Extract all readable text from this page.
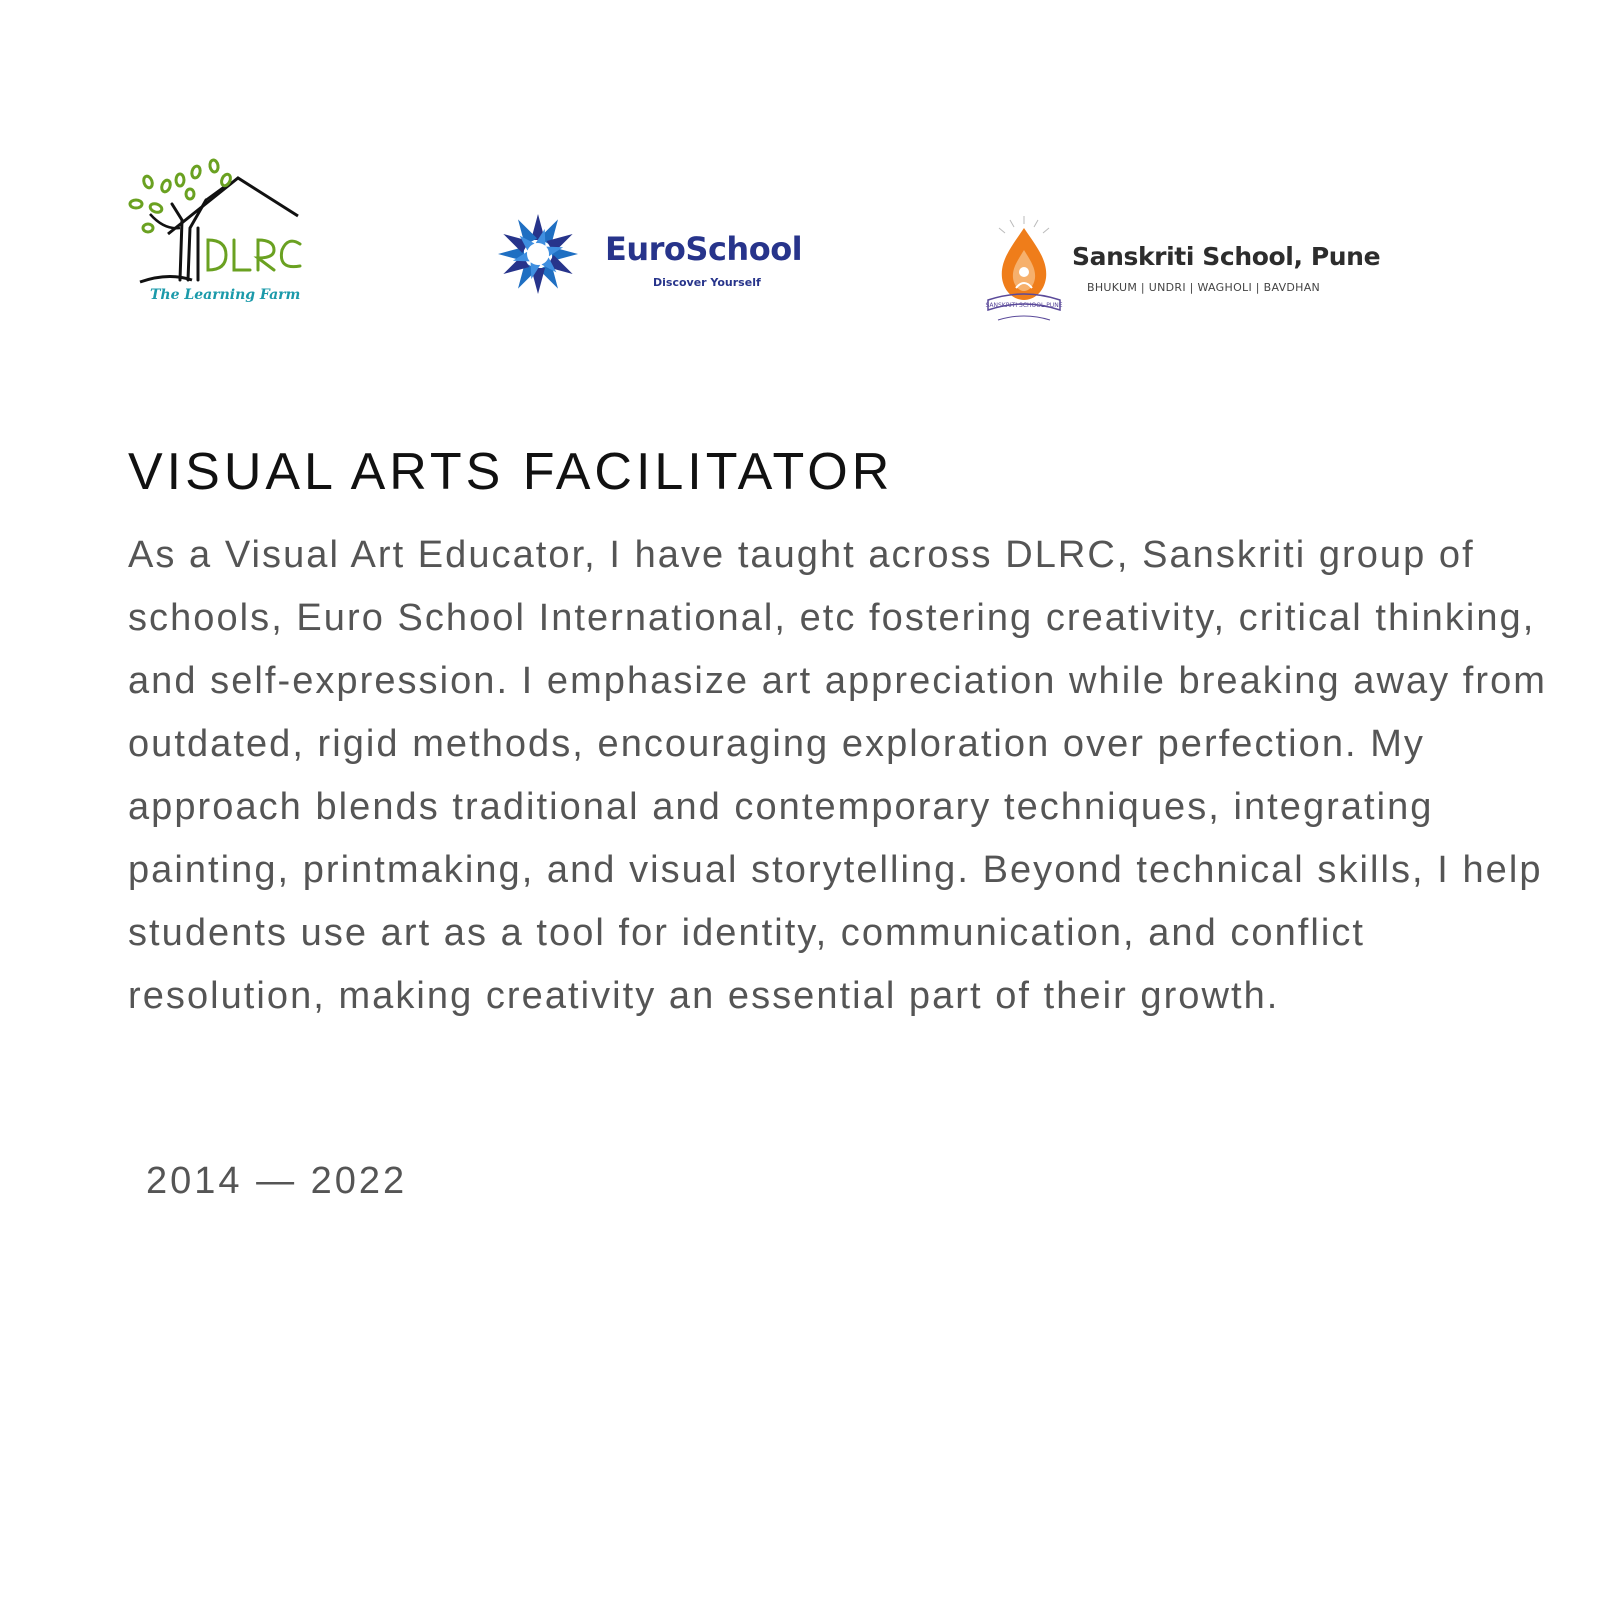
The Learning Farm
EuroSchool
Discover Yourself
SANSKRITI SCHOOL PUNE
Sanskriti School, Pune
BHUKUM | UNDRI | WAGHOLI | BAVDHAN
VISUAL ARTS FACILITATOR

As a Visual Art Educator, I have taught across DLRC, Sanskriti group of schools, Euro School International, etc fostering creativity, critical thinking, and self-expression. I emphasize art appreciation while breaking away from outdated, rigid methods, encouraging exploration over perfection. My approach blends traditional and contemporary techniques, integrating painting, printmaking, and visual storytelling. Beyond technical skills, I help students use art as a tool for identity, communication, and conflict resolution, making creativity an essential part of their growth.

2014 — 2022
